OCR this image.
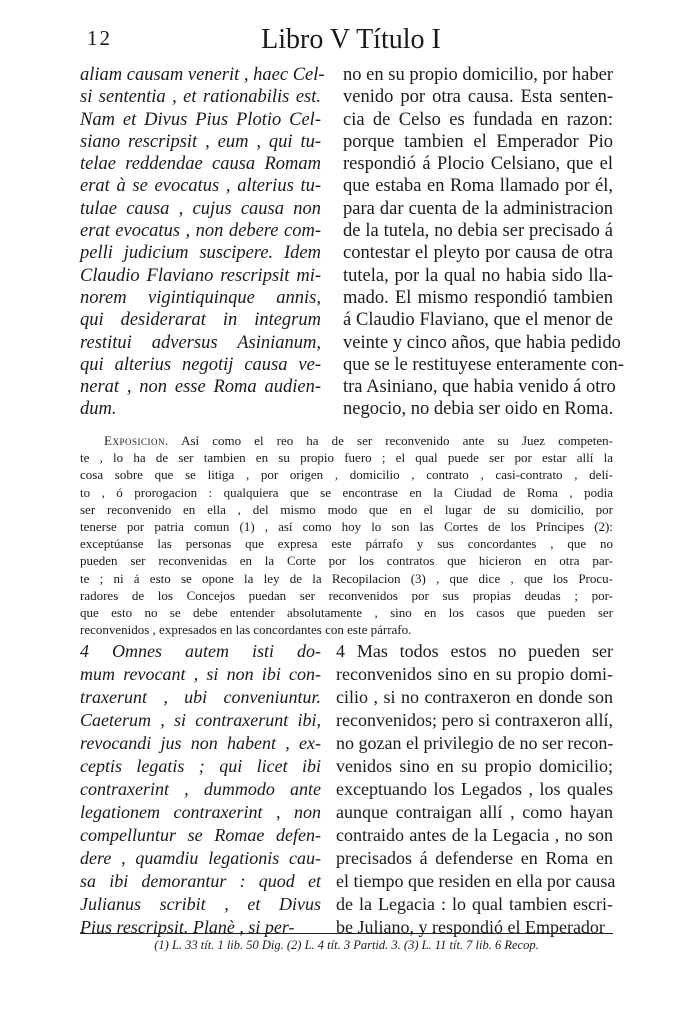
12	Libro V Título I
aliam causam venerit , haec Cel-
si sententia , et rationabilis est.
Nam et Divus Pius Plotio Cel-
siano rescripsit , eum , qui tu-
telae reddendae causa Romam
erat à se evocatus , alterius tu-
tulae causa , cujus causa non
erat evocatus , non debere com-
pelli judicium suscipere. Idem
Claudio Flaviano rescripsit mi-
norem vigintiquinque annis,
qui desiderarat in integrum
restitui adversus Asinianum,
qui alterius negotij causa ve-
nerat , non esse Roma audien-
dum.
no en su propio domicilio, por haber
venido por otra causa. Esta senten-
cia de Celso es fundada en razon:
porque tambien el Emperador Pio
respondió á Plocio Celsiano, que el
que estaba en Roma llamado por él,
para dar cuenta de la administracion
de la tutela, no debia ser precisado á
contestar el pleyto por causa de otra
tutela, por la qual no habia sido lla-
mado. El mismo respondió tambien
á Claudio Flaviano, que el menor de
veinte y cinco años, que habia pedido
que se le restituyese enteramente con-
tra Asiniano, que habia venido á otro
negocio, no debia ser oido en Roma.
Exposicion. Así como el reo ha de ser reconvenido ante su Juez competen-
te , lo ha de ser tambien en su propio fuero ; el qual puede ser por estar allí la
cosa sobre que se litiga , por origen , domicilio , contrato , casi-contrato , delí-
to , ó prorogacion : qualquiera que se encontrase en la Ciudad de Roma , podia
ser reconvenido en ella , del mismo modo que en el lugar de su domicilio, por
tenerse por patria comun (1) , así como hoy lo son las Cortes de los Príncipes (2):
exceptúanse las personas que expresa este párrafo y sus concordantes , que no
pueden ser reconvenidas en la Corte por los contratos que hicieron en otra par-
te ; ni á esto se opone la ley de la Recopilacion (3) , que dice , que los Procu-
radores de los Concejos puedan ser reconvenidos por sus propias deudas ; por-
que esto no se debe entender absolutamente , sino en los casos que pueden ser
reconvenidos , expresados en las concordantes con este párrafo.
4 Omnes autem isti do-
mum revocant , si non ibi con-
traxerunt , ubi conveniuntur.
Caeterum , si contraxerunt ibi,
revocandi jus non habent , ex-
ceptis legatis ; qui licet ibi
contraxerint , dummodo ante
legationem contraxerint , non
compelluntur se Romae defen-
dere , quamdiu legationis cau-
sa ibi demorantur : quod et
Julianus scribit , et Divus
Pius rescripsit. Planè , si per-
4 Mas todos estos no pueden ser
reconvenidos sino en su propio domi-
cilio , si no contraxeron en donde son
reconvenidos; pero si contraxeron allí,
no gozan el privilegio de no ser recon-
venidos sino en su propio domicilio;
exceptuando los Legados , los quales
aunque contraigan allí , como hayan
contraido antes de la Legacia , no son
precisados á defenderse en Roma en
el tiempo que residen en ella por causa
de la Legacia : lo qual tambien escri-
be Juliano, y respondió el Emperador
(1) L. 33 tít. 1 lib. 50 Dig. (2) L. 4 tít. 3 Partid. 3. (3) L. 11 tít. 7 lib. 6 Recop.
